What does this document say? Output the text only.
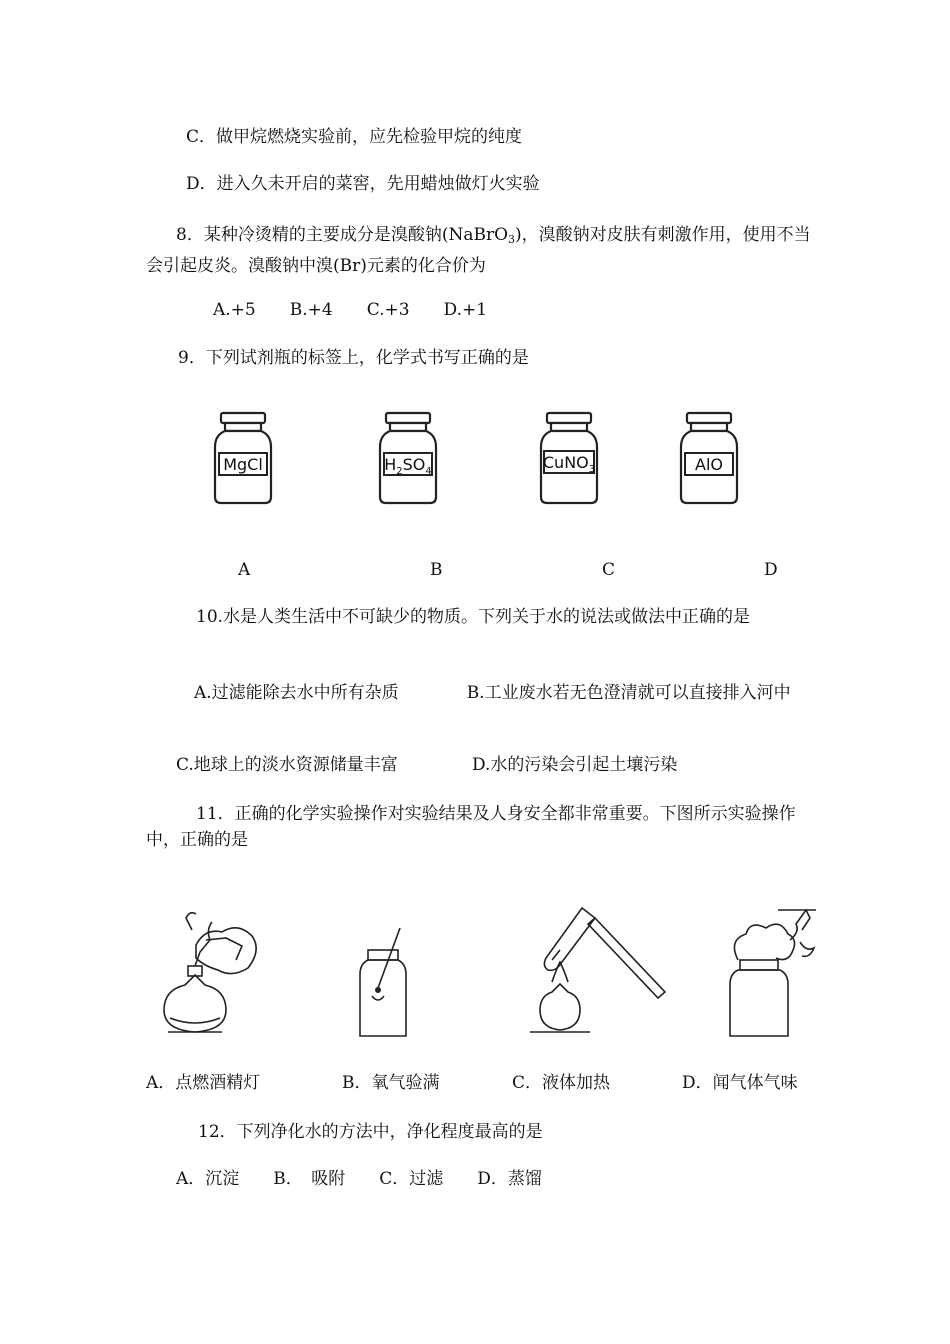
C．做甲烷燃烧实验前，应先检验甲烷的纯度
D．进入久未开启的菜窖，先用蜡烛做灯火实验
8．某种冷烫精的主要成分是溴酸钠(NaBrO$_3$)，溴酸钠对皮肤有刺激作用，使用不当会引起皮炎。溴酸钠中溴(Br)元素的化合价为
A.+5　　B.+4　　C.+3　　D.+1
9．下列试剂瓶的标签上，化学式书写正确的是
MgCl	$H_2SO_4$	CuNO$_3$	AlO
A	B	C	D
10.水是人类生活中不可缺少的物质。下列关于水的说法或做法中正确的是
A.过滤能除去水中所有杂质	B.工业废水若无色澄清就可以直接排入河中
C.地球上的淡水资源储量丰富	D.水的污染会引起土壤污染
11．正确的化学实验操作对实验结果及人身安全都非常重要。下图所示实验操作中，正确的是
A．点燃酒精灯	B．氧气验满	C．液体加热	D．闻气体气味
12．下列净化水的方法中，净化程度最高的是
A．沉淀　　B．　吸附　　C．过滤　　D．蒸馏
